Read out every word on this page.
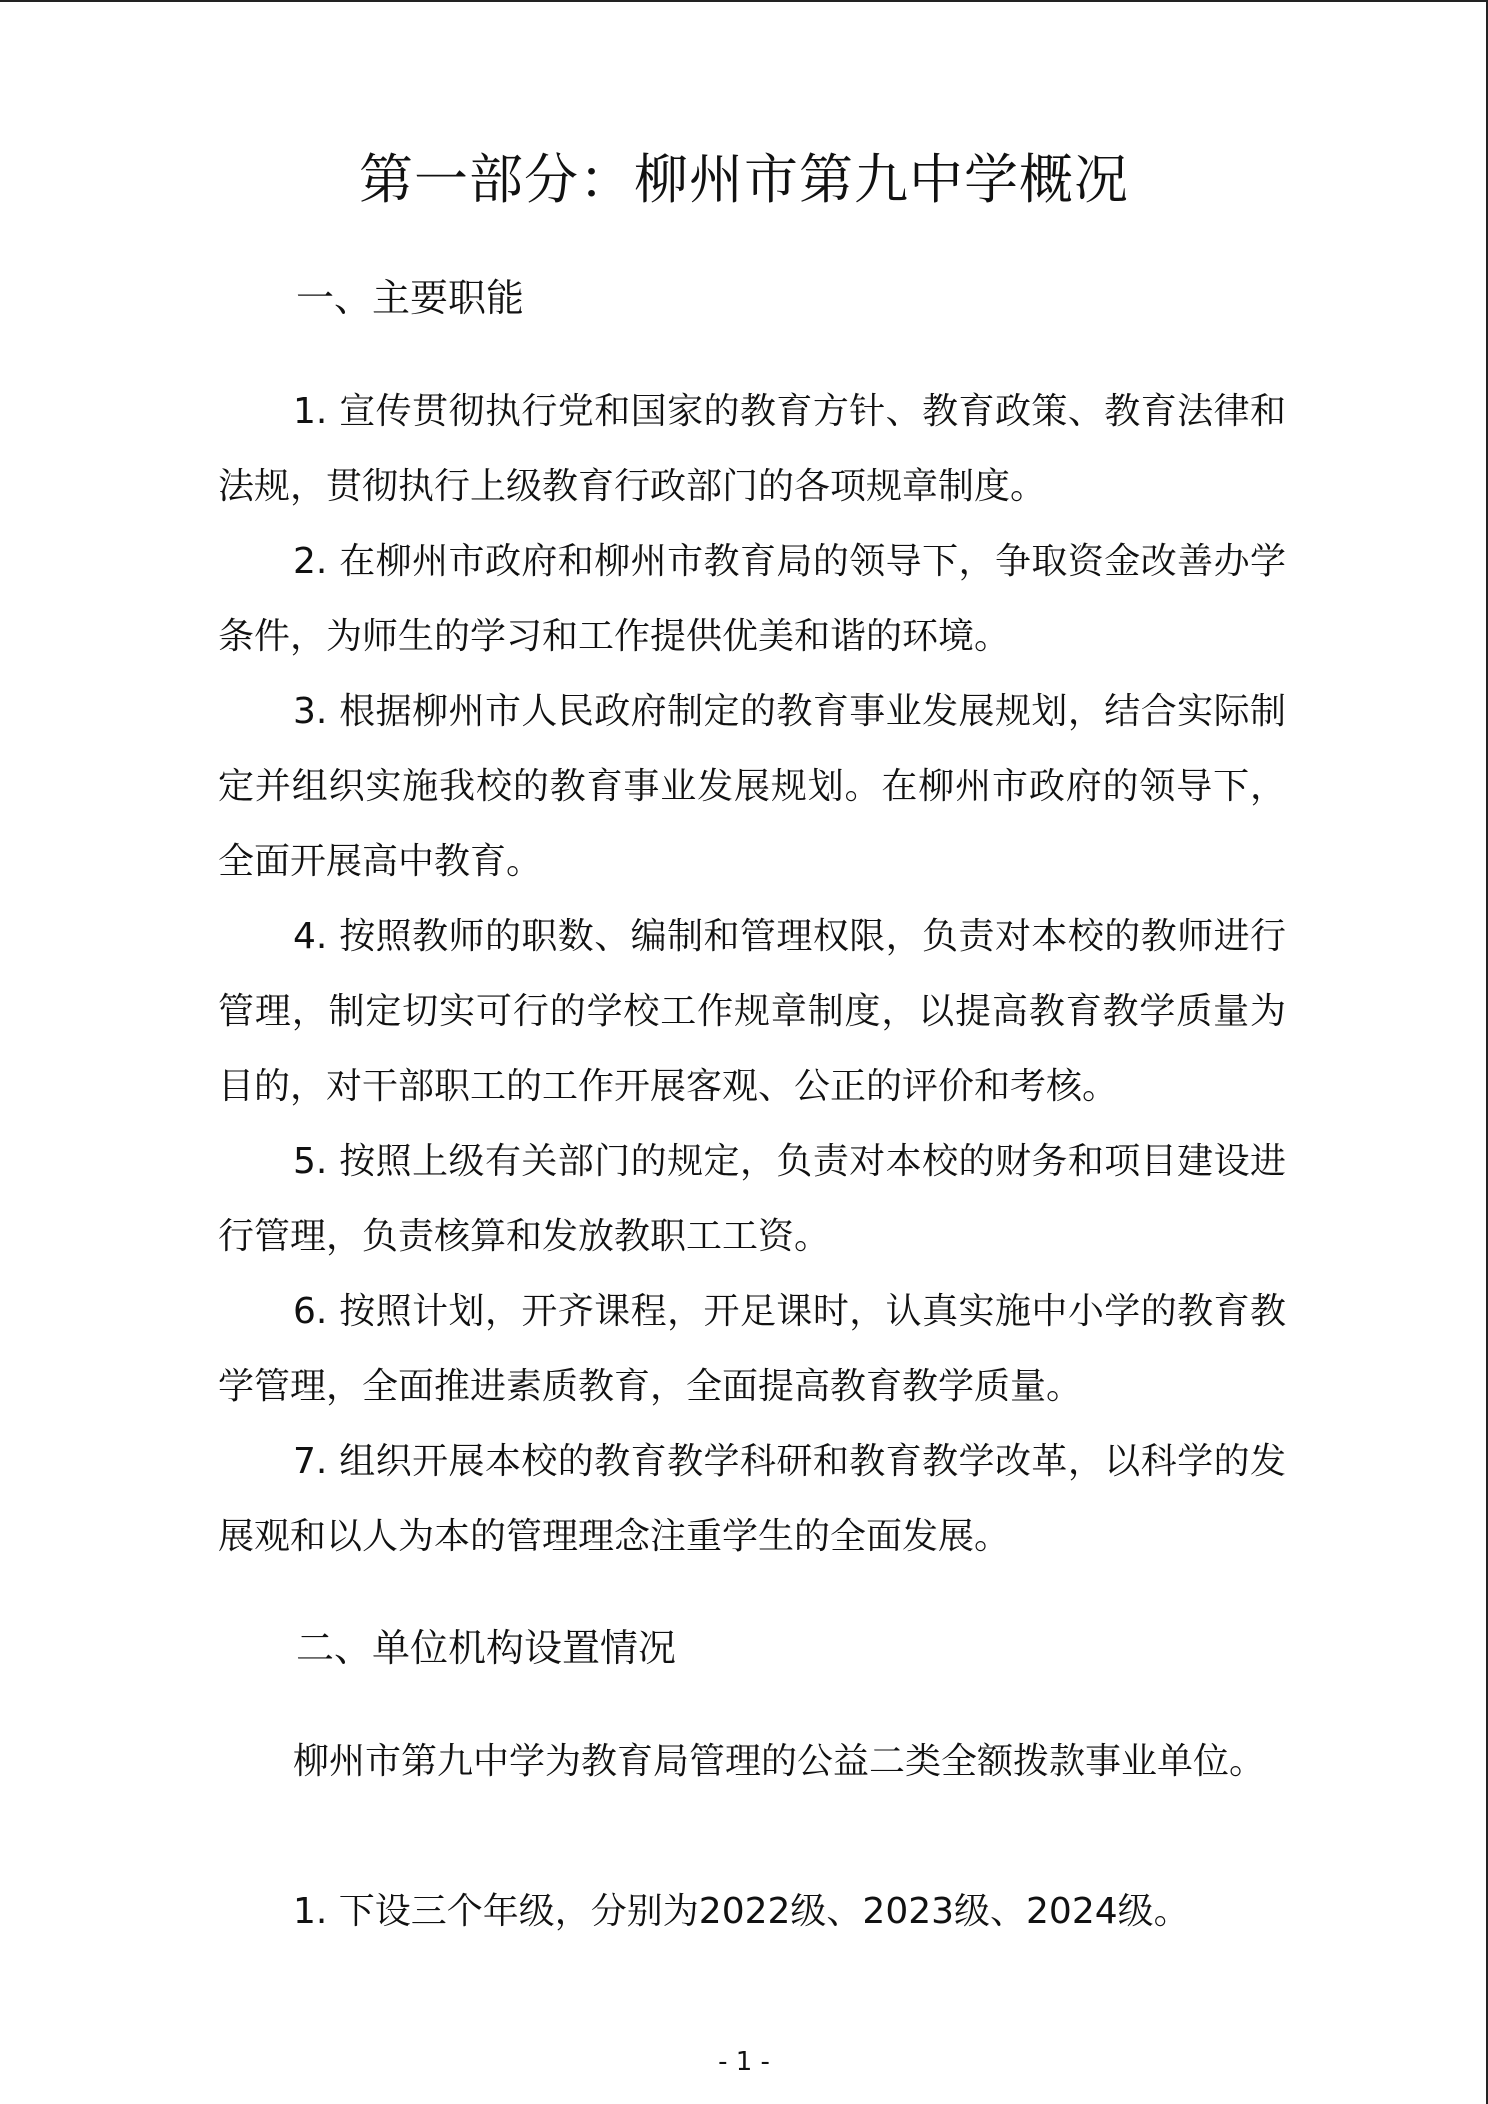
第一部分：柳州市第九中学概况
一、主要职能

1. 宣传贯彻执行党和国家的教育方针、教育政策、教育法律和法规，贯彻执行上级教育行政部门的各项规章制度。

2. 在柳州市政府和柳州市教育局的领导下，争取资金改善办学条件，为师生的学习和工作提供优美和谐的环境。

3. 根据柳州市人民政府制定的教育事业发展规划，结合实际制定并组织实施我校的教育事业发展规划。在柳州市政府的领导下，全面开展高中教育。

4. 按照教师的职数、编制和管理权限，负责对本校的教师进行管理，制定切实可行的学校工作规章制度，以提高教育教学质量为目的，对干部职工的工作开展客观、公正的评价和考核。

5. 按照上级有关部门的规定，负责对本校的财务和项目建设进行管理，负责核算和发放教职工工资。

6. 按照计划，开齐课程，开足课时，认真实施中小学的教育教学管理，全面推进素质教育，全面提高教育教学质量。

7. 组织开展本校的教育教学科研和教育教学改革，以科学的发展观和以人为本的管理理念注重学生的全面发展。

二、单位机构设置情况

柳州市第九中学为教育局管理的公益二类全额拨款事业单位。

1. 下设三个年级，分别为2022级、2023级、2024级。

- 1 -
